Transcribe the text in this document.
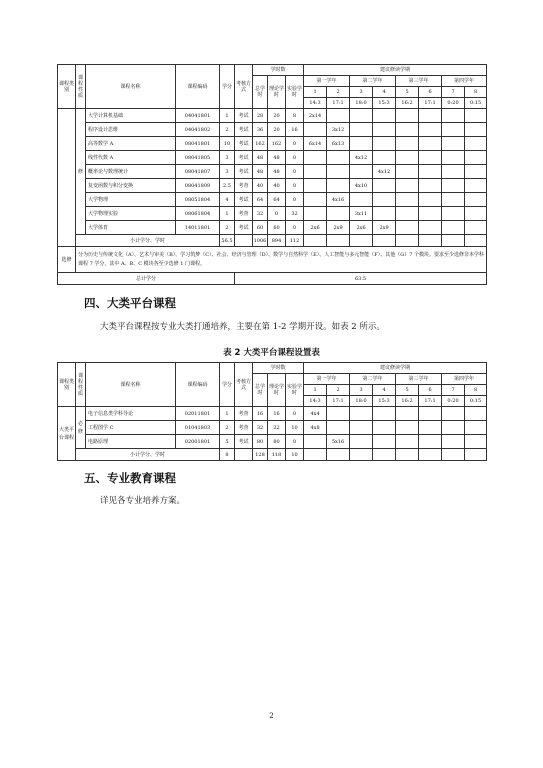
课程类别	课程性质	课程名称	课程编码	学分	考核方式	学时数			建议修读学期							
						总学时	理论学时	实验学时	第一学年		第二学年		第三学年		第四学年	
									1	2	3	4	5	6	7	8
									14:3	17:1	18:0	15:3	16:2	17:1	0:20	0:15
	修	大学计算机基础	04041801	1	考试	28	20	8	2x14							
		程序设计思维	04041802	2	考试	36	20	16		3x12						
		高等数学 A	08041801	10	考试	162	162	0	6x14	6x13						
		线性代数 A	08041805	3	考试	48	48	0			4x12					
		概率论与数理统计	08041807	3	考试	48	48	0				4x12				
		复变函数与积分变换	08041809	2.5	考查	40	40	0			4x10					
		大学物理	08051804	4	考试	64	64	0		4x16						
		大学物理实验	08061804	1	考查	32	0	32			3x11					
		大学体育	14011801	2	考试	60	60	0	2x6	2x9	2x6	2x9				
	小计学分、学时			56.5		1006	894	112								
选修	分为历史与传统文化（A）、艺术与审美（B）、学习筑梦（C）、社会、经济与管理（D）、数学与自然科学（E）、人工智能与多元智能（F）、其他（G）7 个模块。要求至少选修非本学科课程 7 学分，其中 A、B、C 模块各至少选修 1 门课程。															
总计学分					63.5											

四、大类平台课程

大类平台课程按专业大类打通培养，主要在第 1-2 学期开设。如表 2 所示。

表 2 大类平台课程设置表

课程类别	课程性质	课程名称	课程编码	学分	考核方式	学时数			建议修读学期							
						总学时	理论学时	实验学时	第一学年		第二学年		第三学年		第四学年	
									1	2	3	4	5	6	7	8
									14:3	17:1	18:0	15:3	16:2	17:1	0:20	0:15
大类平台课程	必修	电子信息类学科导论	02011801	1	考查	16	16	0	4x4							
		工程图学 C	01041803	2	考查	32	22	10	4x8							
		电路原理	02001801	5	考试	80	80	0		5x16						
	小计学分、学时			8		128	118	10								

五、专业教育课程

详见各专业培养方案。

2
